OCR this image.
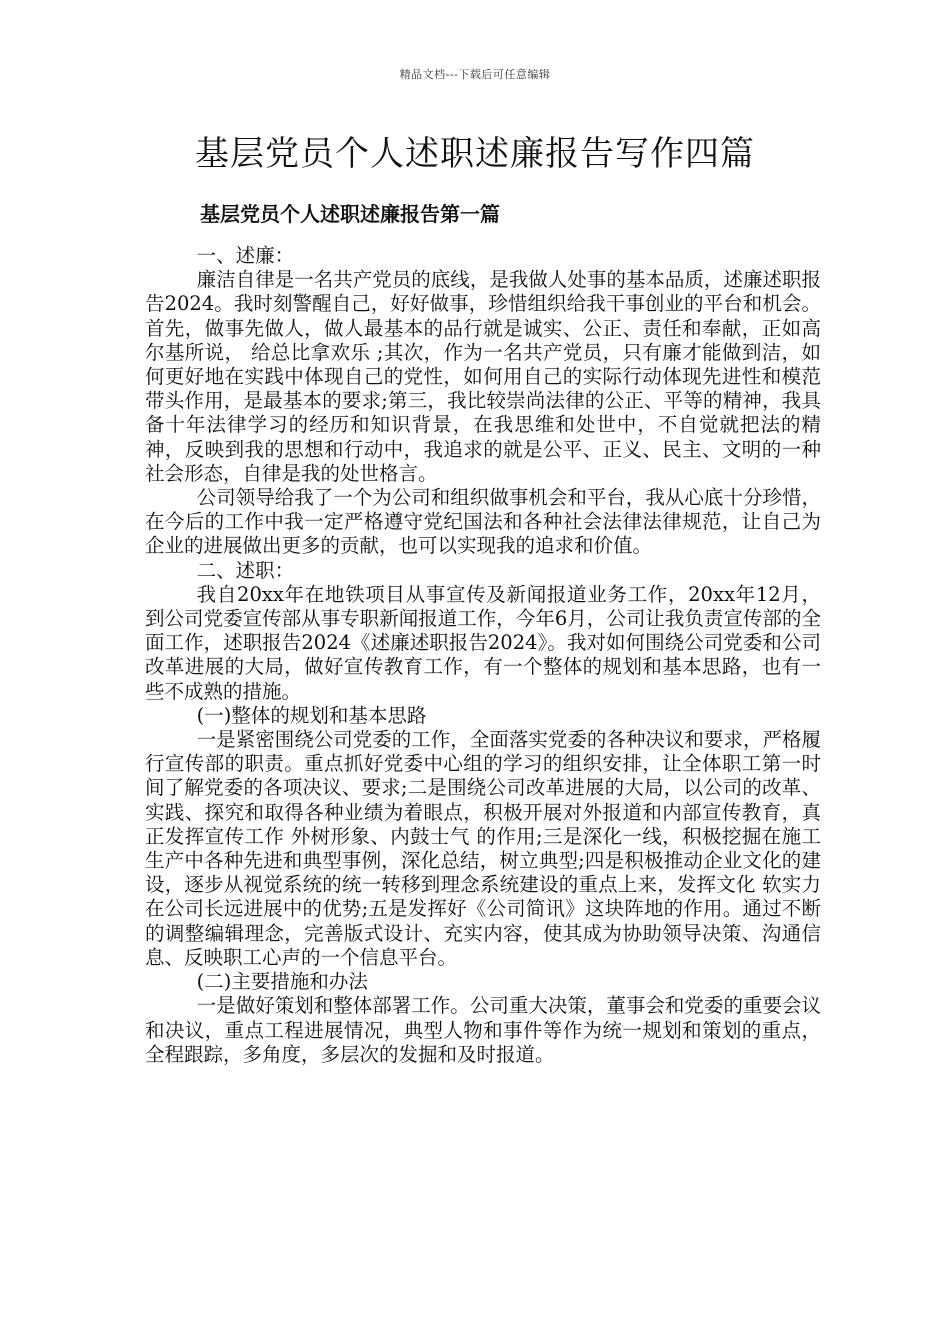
精品文档---下载后可任意编辑
基层党员个人述职述廉报告写作四篇
基层党员个人述职述廉报告第一篇

一、述廉：

廉洁自律是一名共产党员的底线，是我做人处事的基本品质，述廉述职报告2024。我时刻警醒自己，好好做事，珍惜组织给我干事创业的平台和机会。首先，做事先做人，做人最基本的品行就是诚实、公正、责任和奉献，正如高尔基所说， 给总比拿欢乐 ;其次，作为一名共产党员，只有廉才能做到洁，如何更好地在实践中体现自己的党性，如何用自己的实际行动体现先进性和模范带头作用，是最基本的要求;第三，我比较崇尚法律的公正、平等的精神，我具备十年法律学习的经历和知识背景，在我思维和处世中，不自觉就把法的精神，反映到我的思想和行动中，我追求的就是公平、正义、民主、文明的一种社会形态，自律是我的处世格言。

公司领导给我了一个为公司和组织做事机会和平台，我从心底十分珍惜，在今后的工作中我一定严格遵守党纪国法和各种社会法律法律规范，让自己为企业的进展做出更多的贡献，也可以实现我的追求和价值。

二、述职：

我自20xx年在地铁项目从事宣传及新闻报道业务工作，20xx年12月，到公司党委宣传部从事专职新闻报道工作，今年6月，公司让我负责宣传部的全面工作，述职报告2024《述廉述职报告2024》。我对如何围绕公司党委和公司改革进展的大局，做好宣传教育工作，有一个整体的规划和基本思路，也有一些不成熟的措施。

(一)整体的规划和基本思路

一是紧密围绕公司党委的工作，全面落实党委的各种决议和要求，严格履行宣传部的职责。重点抓好党委中心组的学习的组织安排，让全体职工第一时间了解党委的各项决议、要求;二是围绕公司改革进展的大局，以公司的改革、实践、探究和取得各种业绩为着眼点，积极开展对外报道和内部宣传教育，真正发挥宣传工作 外树形象、内鼓士气 的作用;三是深化一线，积极挖掘在施工生产中各种先进和典型事例，深化总结，树立典型;四是积极推动企业文化的建设，逐步从视觉系统的统一转移到理念系统建设的重点上来，发挥文化 软实力 在公司长远进展中的优势;五是发挥好《公司简讯》这块阵地的作用。通过不断的调整编辑理念，完善版式设计、充实内容，使其成为协助领导决策、沟通信息、反映职工心声的一个信息平台。

(二)主要措施和办法

一是做好策划和整体部署工作。公司重大决策，董事会和党委的重要会议和决议，重点工程进展情况，典型人物和事件等作为统一规划和策划的重点，全程跟踪，多角度，多层次的发掘和及时报道。
